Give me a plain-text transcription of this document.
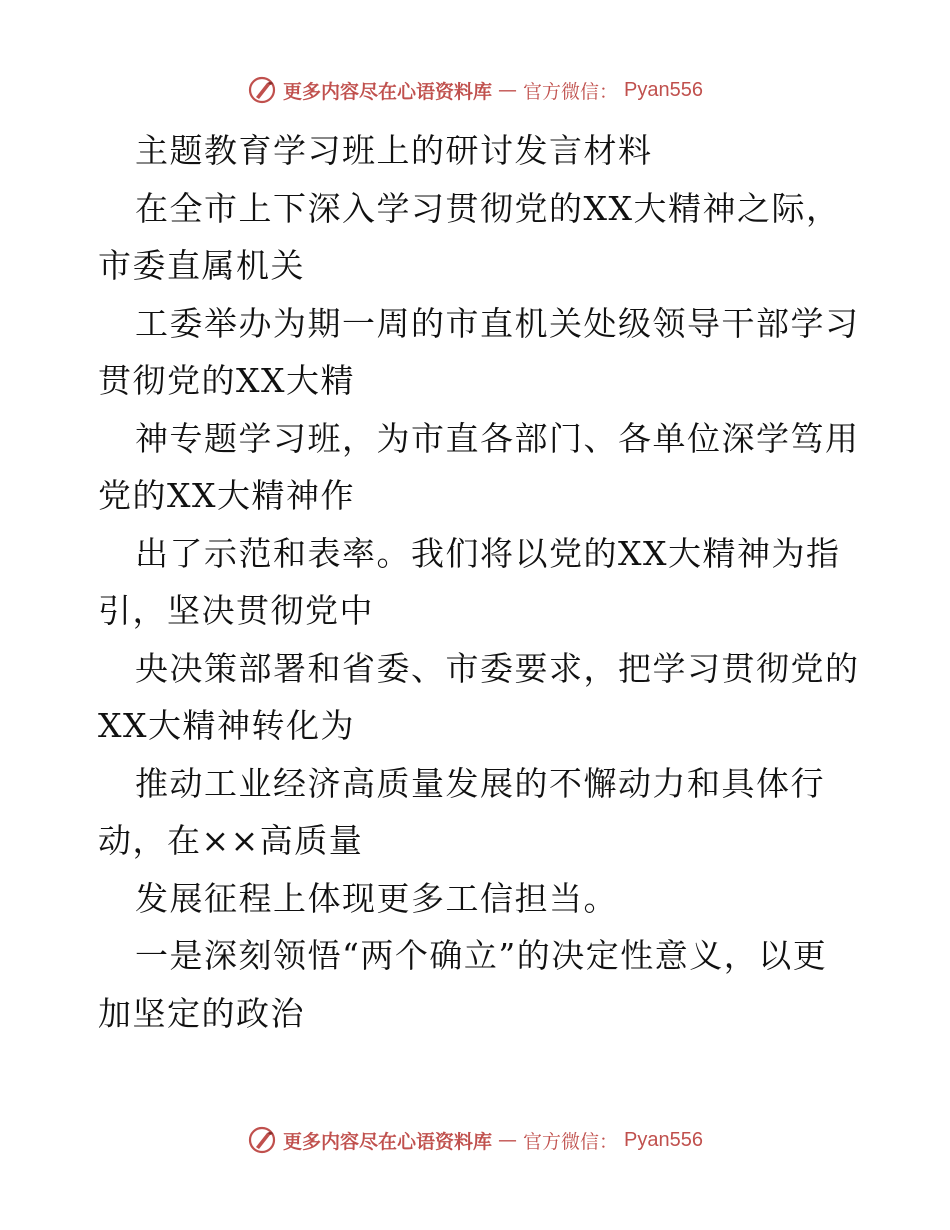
更多内容尽在心语资料库 — 官方微信： Pyan556
主题教育学习班上的研讨发言材料
在全市上下深入学习贯彻党的XX大精神之际，
市委直属机关
工委举办为期一周的市直机关处级领导干部学习
贯彻党的XX大精
神专题学习班，为市直各部门、各单位深学笃用
党的XX大精神作
出了示范和表率。我们将以党的XX大精神为指
引，坚决贯彻党中
央决策部署和省委、市委要求，把学习贯彻党的
XX大精神转化为
推动工业经济高质量发展的不懈动力和具体行
动，在××高质量
发展征程上体现更多工信担当。
一是深刻领悟“两个确立”的决定性意义，以更
加坚定的政治
更多内容尽在心语资料库 — 官方微信： Pyan556
